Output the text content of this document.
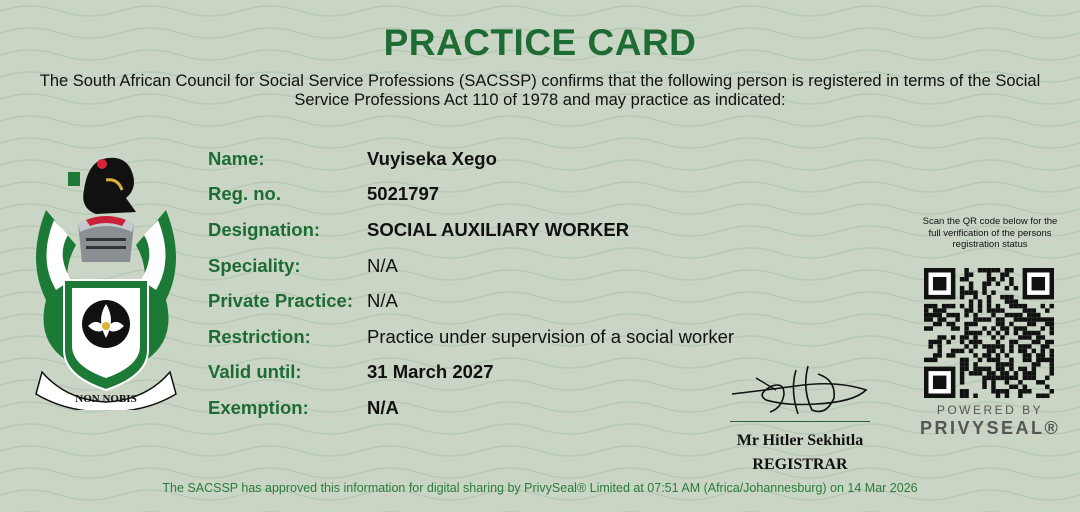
PRACTICE CARD
The South African Council for Social Service Professions (SACSSP) confirms that the following person is registered in terms of the Social Service Professions Act 110 of 1978 and may practice as indicated:
NON NOBIS
Name:	Vuyiseka Xego
Reg. no.	5021797
Designation:	SOCIAL AUXILIARY WORKER
Speciality:	N/A
Private Practice: N/A
Restriction:	Practice under supervision of a social worker
Valid until:	31 March 2027
Exemption:	N/A
Mr Hitler Sekhitla
REGISTRAR
Scan the QR code below for the full verification of the persons registration status
POWERED BY
PRIVYSEAL®
The SACSSP has approved this information for digital sharing by PrivySeal® Limited at 07:51 AM (Africa/Johannesburg) on 14 Mar 2026
